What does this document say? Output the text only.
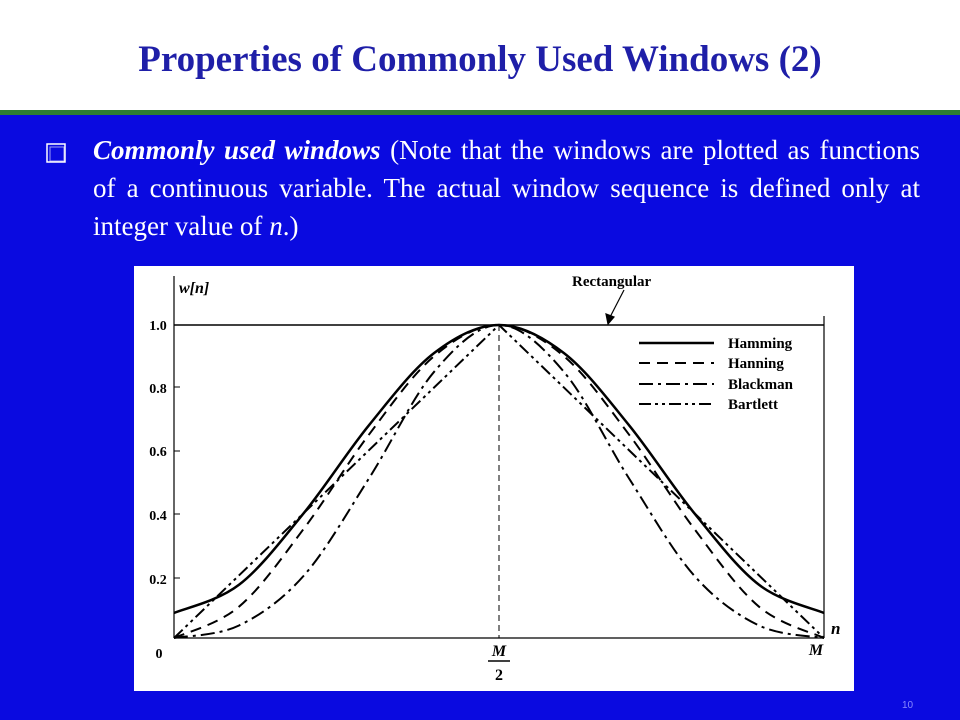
Properties of Commonly Used Windows (2)
Commonly used windows (Note that the windows are plotted as functions of a continuous variable. The actual window sequence is defined only at integer value of n.)
0
0.2
0.4
0.6
0.8
1.0
w[n]
n
M
2
M
Rectangular
Hamming
Hanning
Blackman
Bartlett
10
